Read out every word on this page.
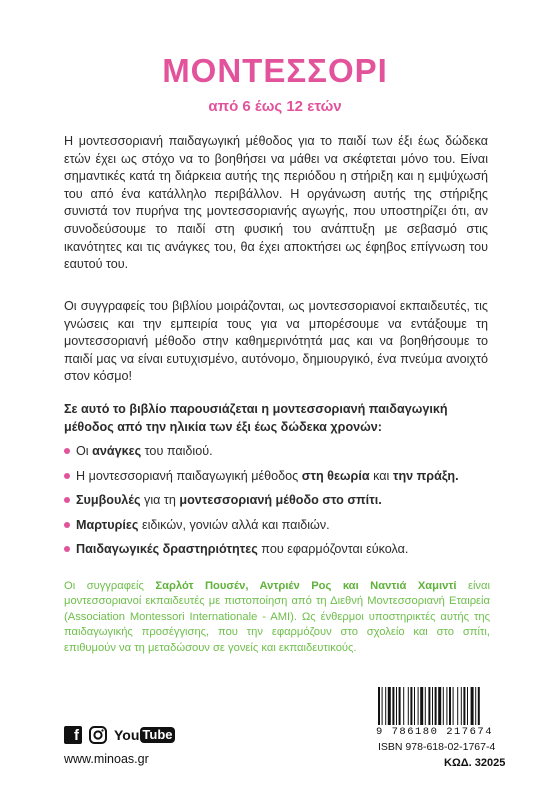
ΜΟΝΤΕΣΣΟΡΙ
από 6 έως 12 ετών

Η μοντεσσοριανή παιδαγωγική μέθοδος για το παιδί των έξι έως δώδεκα ετών έχει ως στόχο να το βοηθήσει να μάθει να σκέφτεται μόνο του. Είναι σημαντικές κατά τη διάρκεια αυτής της περιόδου η στήριξη και η εμψύχωσή του από ένα κατάλληλο περιβάλλον. Η οργάνωση αυτής της στήριξης συνιστά τον πυρήνα της μοντεσσοριανής αγωγής, που υποστηρίζει ότι, αν συνοδεύσουμε το παιδί στη φυσική του ανάπτυξη με σεβασμό στις ικανότητες και τις ανάγκες του, θα έχει αποκτήσει ως έφηβος επίγνωση του εαυτού του.

Οι συγγραφείς του βιβλίου μοιράζονται, ως μοντεσσοριανοί εκπαιδευτές, τις γνώσεις και την εμπειρία τους για να μπορέσουμε να εντάξουμε τη μοντεσσοριανή μέθοδο στην καθημερινότητά μας και να βοηθήσουμε το παιδί μας να είναι ευτυχισμένο, αυτόνομο, δημιουργικό, ένα πνεύμα ανοιχτό στον κόσμο!

Σε αυτό το βιβλίο παρουσιάζεται η μοντεσσοριανή παιδαγωγική μέθοδος από την ηλικία των έξι έως δώδεκα χρονών:

Οι ανάγκες του παιδιού.
Η μοντεσσοριανή παιδαγωγική μέθοδος στη θεωρία και την πράξη.
Συμβουλές για τη μοντεσσοριανή μέθοδο στο σπίτι.
Μαρτυρίες ειδικών, γονιών αλλά και παιδιών.
Παιδαγωγικές δραστηριότητες που εφαρμόζονται εύκολα.

Οι συγγραφείς Σαρλότ Πουσέν, Αντριέν Ρος και Ναντιά Χαμιντί είναι μοντεσσοριανοί εκπαιδευτές με πιστοποίηση από τη Διεθνή Μοντεσσοριανή Εταιρεία (Association Montessori Internationale - AMI). Ως ένθερμοι υποστηρικτές αυτής της παιδαγωγικής προσέγγισης, που την εφαρμόζουν στο σχολείο και στο σπίτι, επιθυμούν να τη μεταδώσουν σε γονείς και εκπαιδευτικούς.

f	You Tube
www.minoas.gr
9 786180 217674
ISBN 978-618-02-1767-4
ΚΩΔ. 32025
